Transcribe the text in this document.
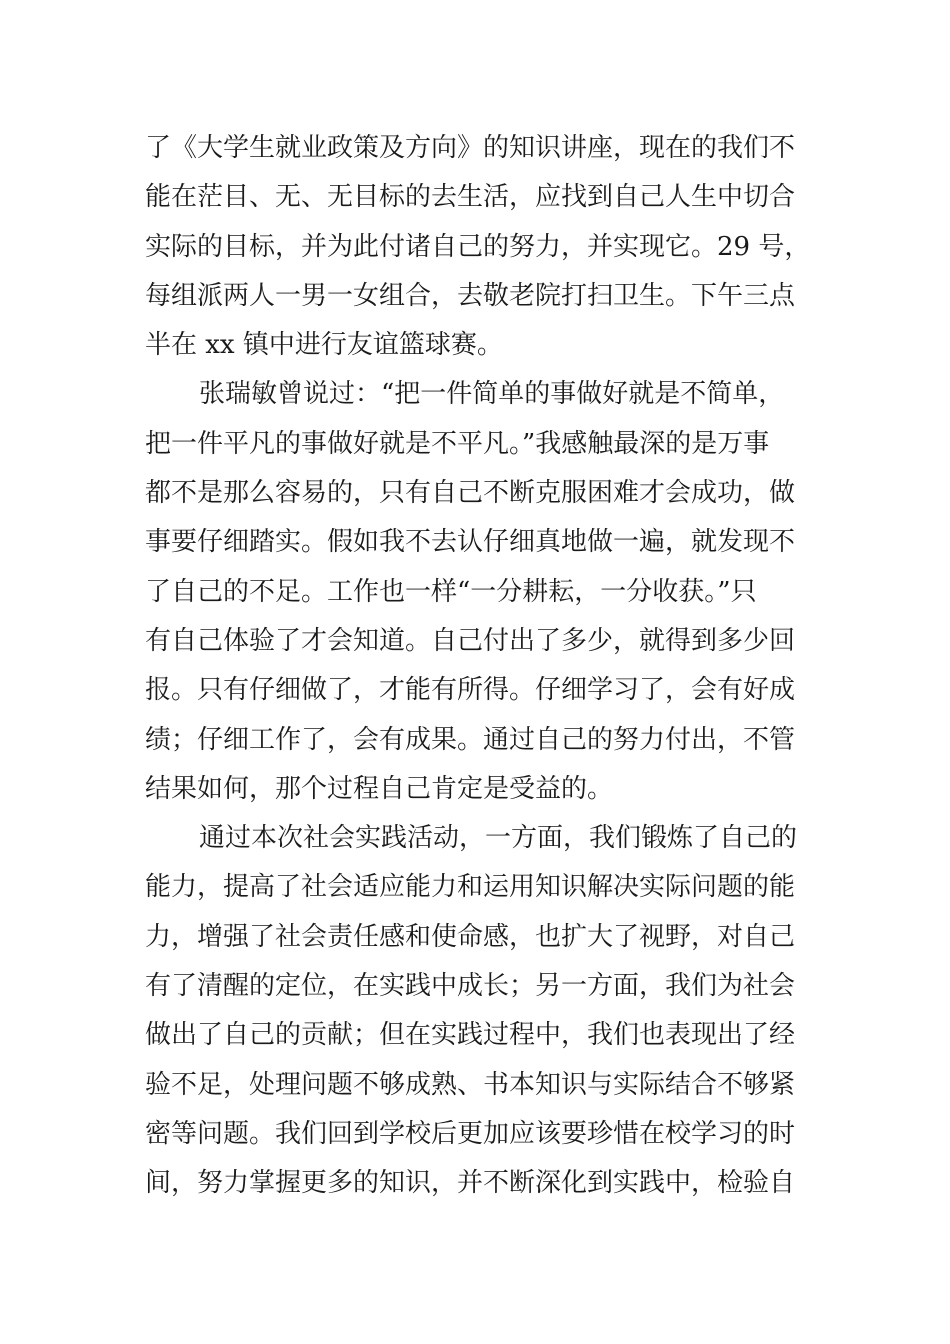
了《大学生就业政策及方向》的知识讲座，现在的我们不
能在茫目、无、无目标的去生活，应找到自己人生中切合
实际的目标，并为此付诸自己的努力，并实现它。29 号，
每组派两人一男一女组合，去敬老院打扫卫生。下午三点
半在 xx 镇中进行友谊篮球赛。
张瑞敏曾说过：“把一件简单的事做好就是不简单，
把一件平凡的事做好就是不平凡。”我感触最深的是万事
都不是那么容易的，只有自己不断克服困难才会成功，做
事要仔细踏实。假如我不去认仔细真地做一遍，就发现不
了自己的不足。工作也一样“一分耕耘，一分收获。”只
有自己体验了才会知道。自己付出了多少，就得到多少回
报。只有仔细做了，才能有所得。仔细学习了，会有好成
绩；仔细工作了，会有成果。通过自己的努力付出，不管
结果如何，那个过程自己肯定是受益的。
通过本次社会实践活动，一方面，我们锻炼了自己的
能力，提高了社会适应能力和运用知识解决实际问题的能
力，增强了社会责任感和使命感，也扩大了视野，对自己
有了清醒的定位，在实践中成长；另一方面，我们为社会
做出了自己的贡献；但在实践过程中，我们也表现出了经
验不足，处理问题不够成熟、书本知识与实际结合不够紧
密等问题。我们回到学校后更加应该要珍惜在校学习的时
间，努力掌握更多的知识，并不断深化到实践中，检验自
